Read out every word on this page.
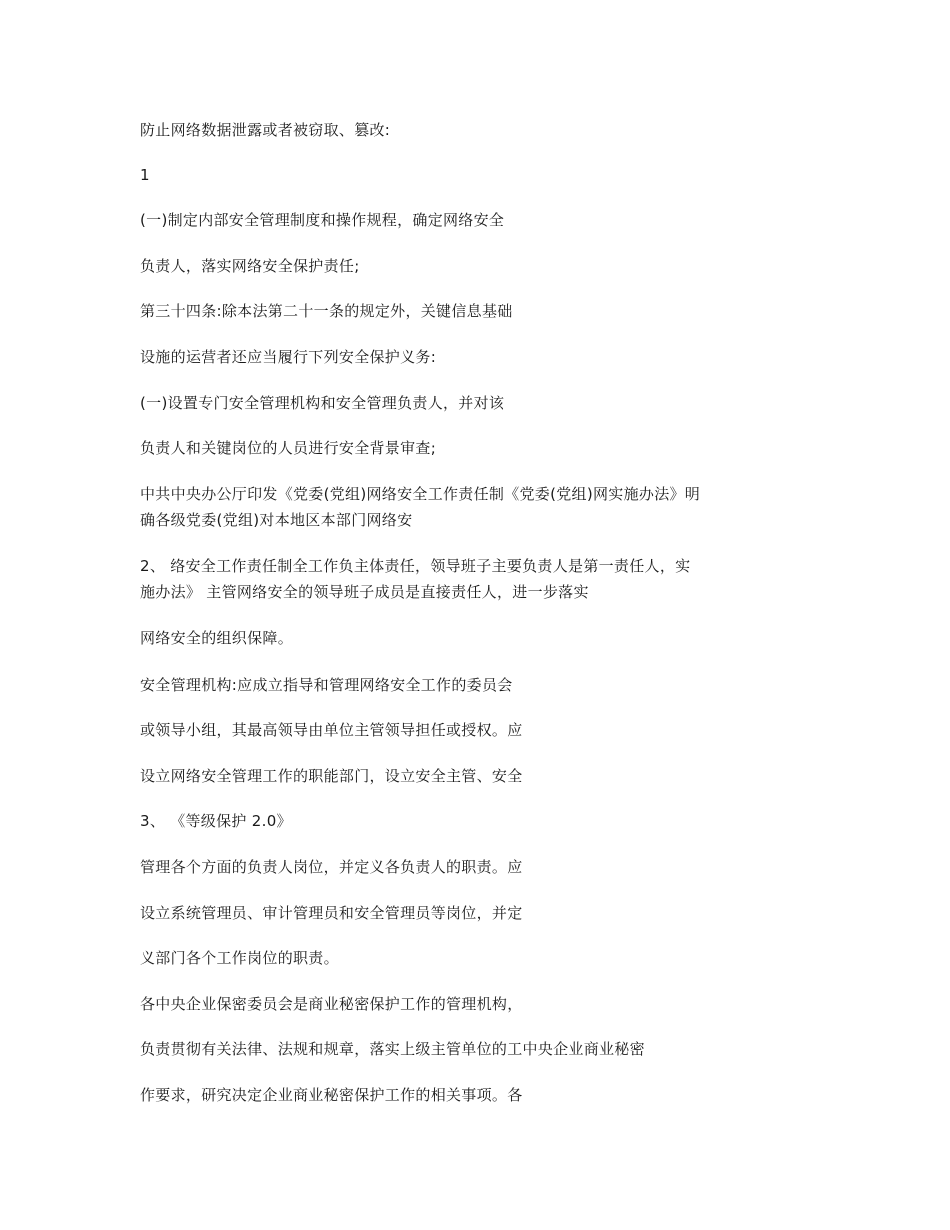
防止网络数据泄露或者被窃取、篡改:
1
(一)制定内部安全管理制度和操作规程，确定网络安全
负责人，落实网络安全保护责任;
第三十四条:除本法第二十一条的规定外，关键信息基础
设施的运营者还应当履行下列安全保护义务:
(一)设置专门安全管理机构和安全管理负责人，并对该
负责人和关键岗位的人员进行安全背景审查;
中共中央办公厅印发《党委(党组)网络安全工作责任制《党委(党组)网实施办法》明
确各级党委(党组)对本地区本部门网络安
2、 络安全工作责任制全工作负主体责任，领导班子主要负责人是第一责任人，实
施办法》 主管网络安全的领导班子成员是直接责任人，进一步落实
网络安全的组织保障。
安全管理机构:应成立指导和管理网络安全工作的委员会
或领导小组，其最高领导由单位主管领导担任或授权。应
设立网络安全管理工作的职能部门，设立安全主管、安全
3、 《等级保护 2.0》
管理各个方面的负责人岗位，并定义各负责人的职责。应
设立系统管理员、审计管理员和安全管理员等岗位，并定
义部门各个工作岗位的职责。
各中央企业保密委员会是商业秘密保护工作的管理机构，
负责贯彻有关法律、法规和规章，落实上级主管单位的工中央企业商业秘密
作要求，研究决定企业商业秘密保护工作的相关事项。各
